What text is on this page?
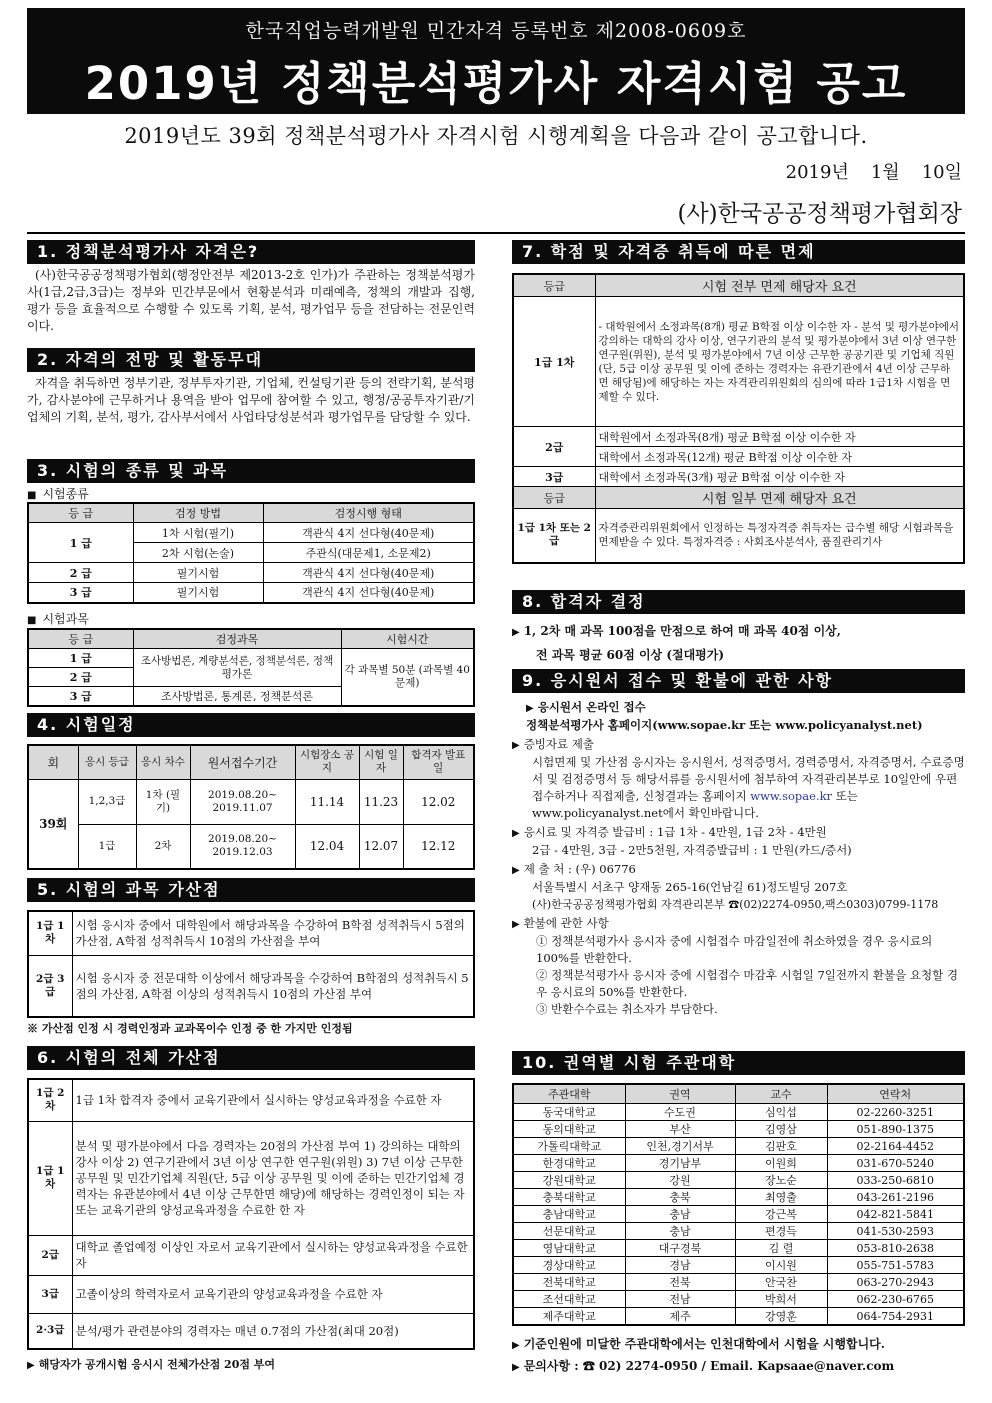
한국직업능력개발원 민간자격 등록번호 제2008-0609호
2019년 정책분석평가사 자격시험 공고
2019년도 39회 정책분석평가사 자격시험 시행계획을 다음과 같이 공고합니다.
2019년 1월 10일
(사)한국공공정책평가협회장
1. 정책분석평가사 자격은?
(사)한국공공정책평가협회(행정안전부 제2013-2호 인가)가 주관하는 정책분석평가사(1급,2급,3급)는 정부와 민간부문에서 현황분석과 미래예측, 정책의 개발과 집행, 평가 등을 효율적으로 수행할 수 있도록 기획, 분석, 평가업무 등을 전담하는 전문인력이다.
2. 자격의 전망 및 활동무대
자격을 취득하면 정부기관, 정부투자기관, 기업체, 컨설팅기관 등의 전략기획, 분석평가, 감사분야에 근무하거나 용역을 받아 업무에 참여할 수 있고, 행정/공공투자기관/기업체의 기획, 분석, 평가, 감사부서에서 사업타당성분석과 평가업무를 담당할 수 있다.
3. 시험의 종류 및 과목
■ 시험종류
등 급	검정 방법	검정시행 형태
1 급	1차 시험(필기)	객관식 4지 선다형(40문제)
	2차 시험(논술)	주관식(대문제1, 소문제2)
2 급	필기시험	객관식 4지 선다형(40문제)
3 급	필기시험	객관식 4지 선다형(40문제)
■ 시험과목
등 급	검정과목	시험시간
1 급	조사방법론, 계량분석론, 정책분석론, 정책평가론	각 과목별 50분 (과목별 40문제)
2 급		
3 급	조사방법론, 통계론, 정책분석론	
4. 시험일정
회	응시 등급	응시 차수	원서접수기간	시험장소 공지	시험 일자	합격자 발표일
39회	1,2,3급	1차 (필기)	2019.08.20~ 2019.11.07	11.14	11.23	12.02
	1급	2차	2019.08.20~ 2019.12.03	12.04	12.07	12.12
5. 시험의 과목 가산점
1급 1차	시험 응시자 중에서 대학원에서 해당과목을 수강하여 B학점 성적취득시 5점의 가산점, A학점 성적취득시 10점의 가산점을 부여
2급 3급	시험 응시자 중 전문대학 이상에서 해당과목을 수강하여 B학점의 성적취득시 5점의 가산점, A학점 이상의 성적취득시 10점의 가산점 부여
※ 가산점 인정 시 경력인정과 교과목이수 인정 중 한 가지만 인정됨
6. 시험의 전체 가산점
1급 2차	1급 1차 합격자 중에서 교육기관에서 실시하는 양성교육과정을 수료한 자
1급 1차	분석 및 평가분야에서 다음 경력자는 20점의 가산점 부여 1) 강의하는 대학의 강사 이상 2) 연구기관에서 3년 이상 연구한 연구원(위원) 3) 7년 이상 근무한 공무원 및 민간기업체 직원(단, 5급 이상 공무원 및 이에 준하는 민간기업체 경력자는 유관분야에서 4년 이상 근무한면 해당)에 해당하는 경력인정이 되는 자 또는 교육기관의 양성교육과정을 수료한 한 자
2급	대학교 졸업예정 이상인 자로서 교육기관에서 실시하는 양성교육과정을 수료한 자
3급	고졸이상의 학력자로서 교육기관의 양성교육과정을 수료한 자
2·3급	분석/평가 관련분야의 경력자는 매년 0.7점의 가산점(최대 20점)
▶ 해당자가 공개시험 응시시 전체가산점 20점 부여
7. 학점 및 자격증 취득에 따른 면제
등급	시험 전부 면제 해당자 요건
1급 1차	- 대학원에서 소정과목(8개) 평균 B학점 이상 이수한 자 - 분석 및 평가분야에서 강의하는 대학의 강사 이상, 연구기관의 분석 및 평가분야에서 3년 이상 연구한 연구원(위원), 분석 및 평가분야에서 7년 이상 근무한 공공기관 및 기업체 직원(단, 5급 이상 공무원 및 이에 준하는 경력자는 유관기관에서 4년 이상 근무하면 해당됨)에 해당하는 자는 자격관리위원회의 심의에 따라 1급1차 시험을 면제할 수 있다.
2급	대학원에서 소정과목(8개) 평균 B학점 이상 이수한 자
	대학에서 소정과목(12개) 평균 B학점 이상 이수한 자
3급	대학에서 소정과목(3개) 평균 B학점 이상 이수한 자
등급	시험 일부 면제 해당자 요건
1급 1차 또는 2급	자격증관리위원회에서 인정하는 특정자격증 취득자는 급수별 해당 시험과목을 면제받을 수 있다. 특정자격증 : 사회조사분석사, 품질관리기사
8. 합격자 결정
▶ 1, 2차 매 과목 100점을 만점으로 하여 매 과목 40점 이상,
전 과목 평균 60점 이상 (절대평가)
9. 응시원서 접수 및 환불에 관한 사항
▶ 응시원서 온라인 접수
정책분석평가사 홈페이지(www.sopae.kr 또는 www.policyanalyst.net)
▶ 증빙자료 제출
시험면제 및 가산점 응시자는 응시원서, 성적증명서, 경력증명서, 자격증명서, 수료증명서 및 검정증명서 등 해당서류를 응시원서에 첨부하여 자격관리본부로 10일안에 우편접수하거나 직접제출, 신청결과는 홈페이지 www.sopae.kr 또는 www.policyanalyst.net에서 확인바랍니다.
▶ 응시료 및 자격증 발급비 : 1급 1차 - 4만원, 1급 2차 - 4만원
2급 - 4만원, 3급 - 2만5천원, 자격증발급비 : 1 만원(카드/증서)
▶ 제 출 처 : (우) 06776
서울특별시 서초구 양재동 265-16(언남길 61)정도빌딩 207호
(사)한국공공정책평가협회 자격관리본부 ☎(02)2274-0950,팩스0303)0799-1178
▶ 환불에 관한 사항
① 정책분석평가사 응시자 중에 시험접수 마감일전에 취소하였을 경우 응시료의 100%를 반환한다.
② 정책분석평가사 응시자 중에 시험접수 마감후 시험일 7일전까지 환불을 요청할 경우 응시료의 50%를 반환한다.
③ 반환수수료는 취소자가 부담한다.
10. 권역별 시험 주관대학
주관대학	권역	교수	연락처
동국대학교	수도권	심익섭	02-2260-3251
동의대학교	부산	김영삼	051-890-1375
가톨릭대학교	인천,경기서부	김판호	02-2164-4452
한경대학교	경기남부	이원희	031-670-5240
강원대학교	강원	장노순	033-250-6810
충북대학교	충북	최영출	043-261-2196
충남대학교	충남	강근복	042-821-5841
선문대학교	충남	편경득	041-530-2593
영남대학교	대구경북	김 렬	053-810-2638
경상대학교	경남	이시원	055-751-5783
전북대학교	전북	안국찬	063-270-2943
조선대학교	전남	박희서	062-230-6765
제주대학교	제주	강영훈	064-754-2931
▶ 기준인원에 미달한 주관대학에서는 인천대학에서 시험을 시행합니다.
▶ 문의사항 : ☎ 02) 2274-0950 / Email. Kapsaae@naver.com
